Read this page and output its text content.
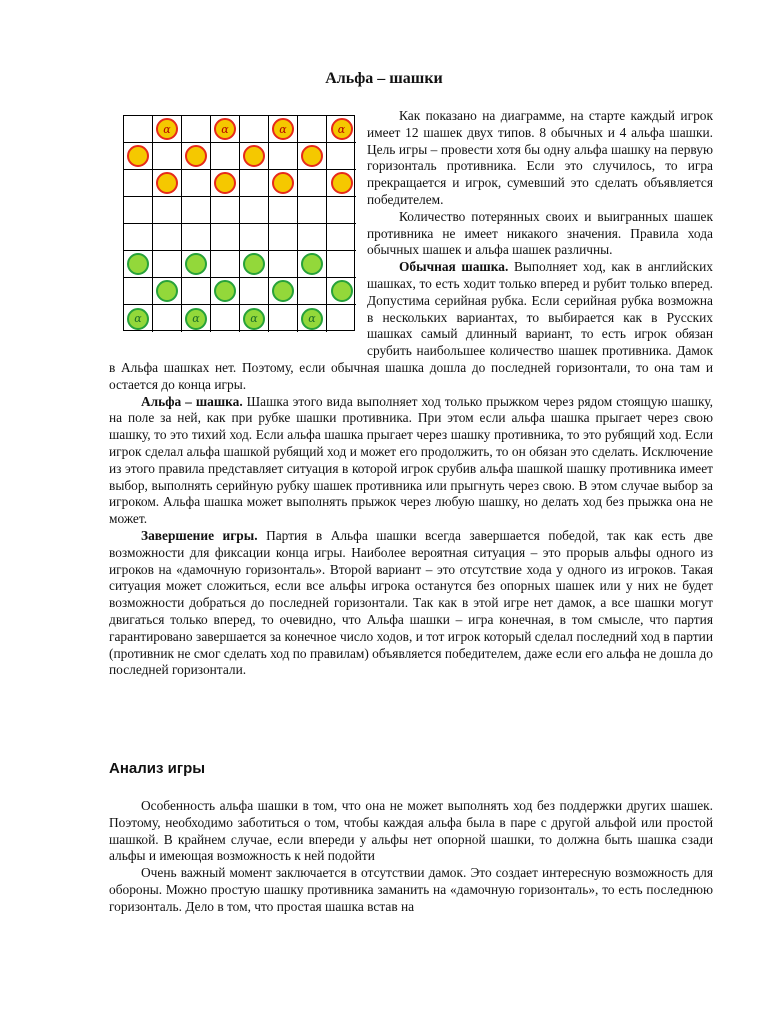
Альфа – шашки
α	α	α	α
α	α	α	α

Как показано на диаграмме, на старте каждый игрок имеет 12 шашек двух типов. 8 обычных и 4 альфа шашки. Цель игры – провести хотя бы одну альфа шашку на первую горизонталь противника. Если это случилось, то игра прекращается и игрок, сумевший это сделать объявляется победителем.

Количество потерянных своих и выигранных шашек противника не имеет никакого значения. Правила хода обычных шашек и альфа шашек различны.

Обычная шашка. Выполняет ход, как в английских шашках, то есть ходит только вперед и рубит только вперед. Допустима серийная рубка. Если серийная рубка возможна в нескольких вариантах, то выбирается как в Русских шашках самый длинный вариант, то есть игрок обязан срубить наибольшее количество шашек противника. Дамок в Альфа шашках нет. Поэтому, если обычная шашка дошла до последней горизонтали, то она там и остается до конца игры.

Альфа – шашка. Шашка этого вида выполняет ход только прыжком через рядом стоящую шашку, на поле за ней, как при рубке шашки противника. При этом если альфа шашка прыгает через свою шашку, то это тихий ход. Если альфа шашка прыгает через шашку противника, то это рубящий ход. Если игрок сделал альфа шашкой рубящий ход и может его продолжить, то он обязан это сделать. Исключение из этого правила представляет ситуация в которой игрок срубив альфа шашкой шашку противника имеет выбор, выполнять серийную рубку шашек противника или прыгнуть через свою. В этом случае выбор за игроком. Альфа шашка может выполнять прыжок через любую шашку, но делать ход без прыжка она не может.

Завершение игры. Партия в Альфа шашки всегда завершается победой, так как есть две возможности для фиксации конца игры. Наиболее вероятная ситуация – это прорыв альфы одного из игроков на «дамочную горизонталь». Второй вариант – это отсутствие хода у одного из игроков. Такая ситуация может сложиться, если все альфы игрока останутся без опорных шашек или у них не будет возможности добраться до последней горизонтали. Так как в этой игре нет дамок, а все шашки могут двигаться только вперед, то очевидно, что Альфа шашки – игра конечная, в том смысле, что партия гарантировано завершается за конечное число ходов, и тот игрок который сделал последний ход в партии (противник не смог сделать ход по правилам) объявляется победителем, даже если его альфа не дошла до последней горизонтали.

Анализ игры

Особенность альфа шашки в том, что она не может выполнять ход без поддержки других шашек. Поэтому, необходимо заботиться о том, чтобы каждая альфа была в паре с другой альфой или простой шашкой. В крайнем случае, если впереди у альфы нет опорной шашки, то должна быть шашка сзади альфы и имеющая возможность к ней подойти

Очень важный момент заключается в отсутствии дамок. Это создает интересную возможность для обороны. Можно простую шашку противника заманить на «дамочную горизонталь», то есть последнюю горизонталь. Дело в том, что простая шашка встав на
